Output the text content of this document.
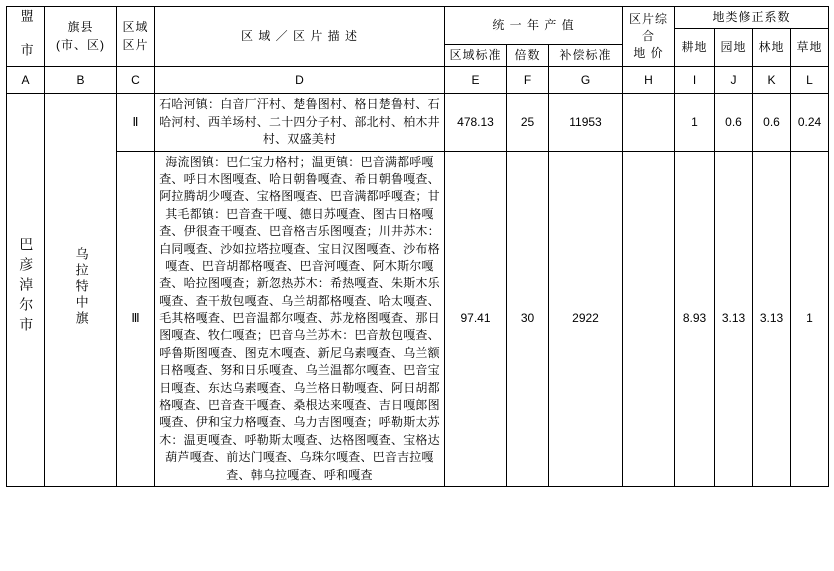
盟 市	旗县
(市、区)

区域
区片
	区 域 ／ 区 片 描 述	统 一 年 产 值	区片综合
地 价
	地类修正系数
								耕地	园地	林地	草地
				区域标准	倍数	补偿标准					
A	B	C	D	E	F	G	H	I	J	K	L
巴彦淖尔市	乌拉特中旗	Ⅱ	石哈河镇：白音厂汗村、楚鲁图村、格日楚鲁村、石哈河村、西羊场村、二十四分子村、部北村、柏木井村、双盛美村	478.13	25	11953		1	0.6	0.6	0.24
		Ⅲ	海流图镇：巴仁宝力格村；温更镇：巴音满都呼嘎查、呼日木图嘎查、哈日朝鲁嘎查、希日朝鲁嘎查、阿拉腾胡少嘎查、宝格图嘎查、巴音满都呼嘎查；甘其毛都镇：巴音查干嘎、德日苏嘎查、图古日格嘎查、伊很查干嘎查、巴音格吉乐图嘎查；川井苏木：白同嘎查、沙如拉塔拉嘎查、宝日汉图嘎查、沙布格嘎查、巴音胡都格嘎查、巴音河嘎查、阿木斯尔嘎查、哈拉图嘎查；新忽热苏木：希热嘎查、朱斯木乐嘎查、查干敖包嘎查、乌兰胡都格嘎查、哈太嘎查、毛其格嘎查、巴音温都尔嘎查、苏龙格图嘎查、那日图嘎查、牧仁嘎查；巴音乌兰苏木：巴音敖包嘎查、呼鲁斯图嘎查、图克木嘎查、新尼乌素嘎查、乌兰额日格嘎查、努和日乐嘎查、乌兰温都尔嘎查、巴音宝日嘎查、东达乌素嘎查、乌兰格日勒嘎查、阿日胡都格嘎查、巴音查干嘎查、桑根达来嘎查、吉日嘎郎图嘎查、伊和宝力格嘎查、乌力吉图嘎查；呼勒斯太苏木：温更嘎查、呼勒斯太嘎查、达格图嘎查、宝格达葫芦嘎查、前达门嘎查、乌珠尔嘎查、巴音吉拉嘎查、韩乌拉嘎查、呼和嘎查	97.41	30	2922		8.93	3.13	3.13	1
